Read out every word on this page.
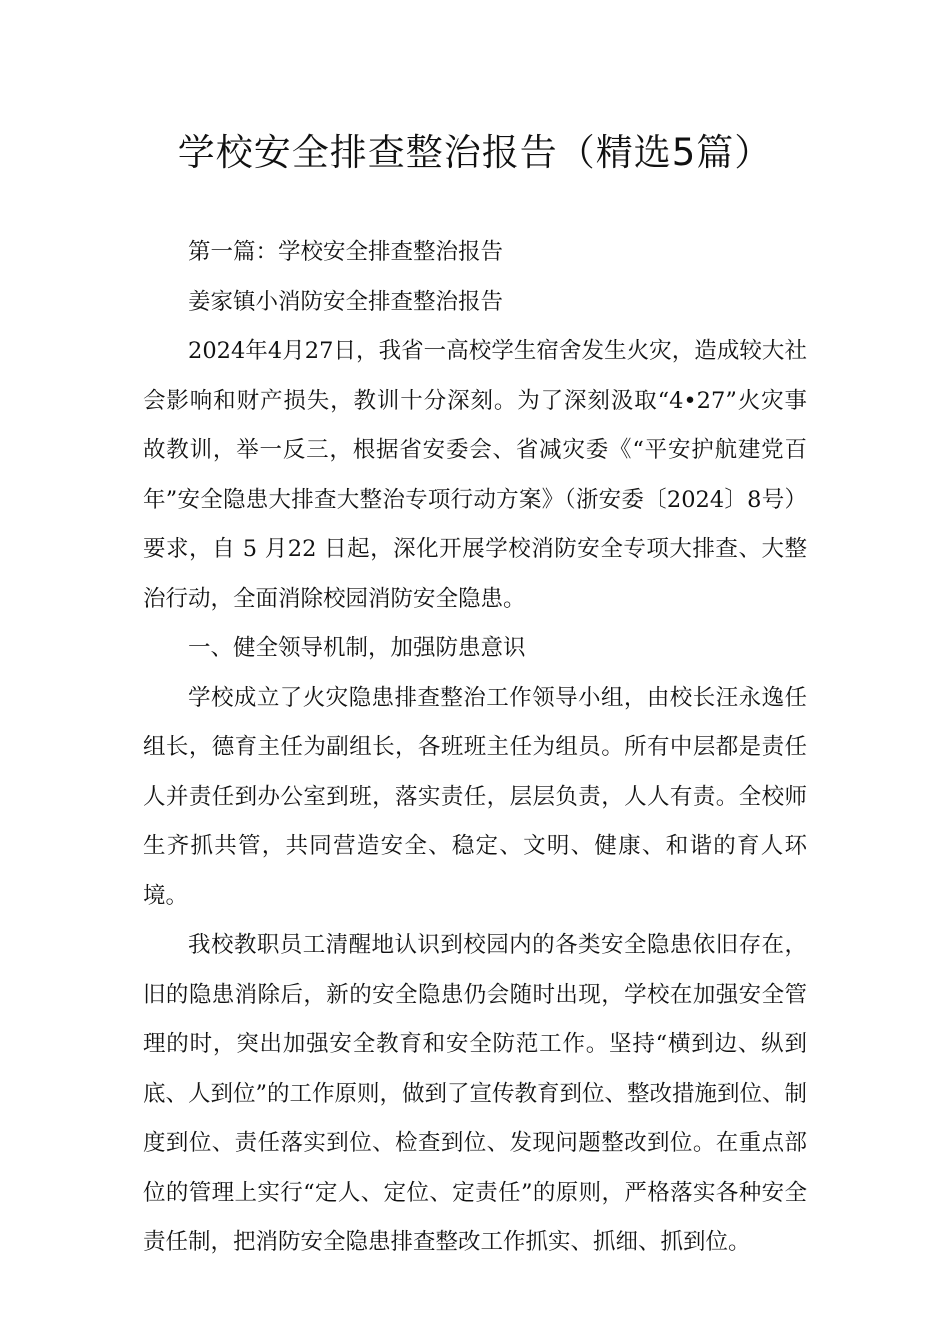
学校安全排查整治报告（精选5篇）

第一篇：学校安全排查整治报告

姜家镇小消防安全排查整治报告

2024年4月27日，我省一高校学生宿舍发生火灾，造成较大社会影响和财产损失，教训十分深刻。为了深刻汲取“4•27”火灾事故教训，举一反三，根据省安委会、省减灾委《“平安护航建党百年”安全隐患大排查大整治专项行动方案》（浙安委〔2024〕8号）要求，自 5 月22 日起，深化开展学校消防安全专项大排查、大整治行动，全面消除校园消防安全隐患。

一、健全领导机制，加强防患意识

学校成立了火灾隐患排查整治工作领导小组，由校长汪永逸任组长，德育主任为副组长，各班班主任为组员。所有中层都是责任人并责任到办公室到班，落实责任，层层负责，人人有责。全校师生齐抓共管，共同营造安全、稳定、文明、健康、和谐的育人环境。

我校教职员工清醒地认识到校园内的各类安全隐患依旧存在，旧的隐患消除后，新的安全隐患仍会随时出现，学校在加强安全管理的时，突出加强安全教育和安全防范工作。坚持“横到边、纵到底、人到位”的工作原则，做到了宣传教育到位、整改措施到位、制度到位、责任落实到位、检查到位、发现问题整改到位。在重点部位的管理上实行“定人、定位、定责任”的原则，严格落实各种安全责任制，把消防安全隐患排查整改工作抓实、抓细、抓到位。
